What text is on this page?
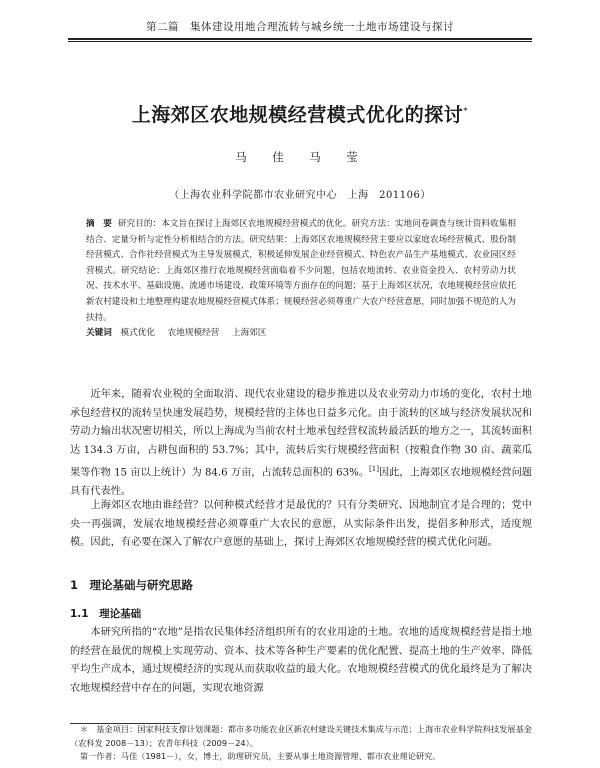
第二篇　集体建设用地合理流转与城乡统一土地市场建设与探讨
上海郊区农地规模经营模式优化的探讨*
马　佳　马　莹
（上海农业科学院都市农业研究中心　上海　201106）
摘　要 研究目的：本文旨在探讨上海郊区农地规模经营模式的优化。研究方法：实地问卷调查与统计资料收集相结合、定量分析与定性分析相结合的方法。研究结果：上海郊区农地规模经营主要应以家庭农场经营模式、股份制经营模式、合作社经营模式为主导发展模式，积极延伸发展企业经营模式、特色农产品生产基地模式、农业园区经营模式。研究结论：上海郊区推行农地规模经营面临着不少问题，包括农地流转、农业资金投入、农村劳动力状况、技术水平、基础设施、流通市场建设、政策环境等方面存在的问题；基于上海郊区状况，农地规模经营应依托新农村建设和土地整理构建农地规模经营模式体系；规模经营必须尊重广大农户经营意愿，同时加强不规范的人为扶持。
关键词 模式优化 农地规模经营 上海郊区

近年来，随着农业税的全面取消、现代农业建设的稳步推进以及农业劳动力市场的变化，农村土地承包经营权的流转呈快速发展趋势，规模经营的主体也日益多元化。由于流转的区域与经济发展状况和劳动力输出状况密切相关，所以上海成为当前农村土地承包经营权流转最活跃的地方之一，其流转面积达 134.3 万亩，占耕包面积的 53.7%；其中，流转后实行规模经营面积（按粮食作物 30 亩、蔬菜瓜果等作物 15 亩以上统计）为 84.6 万亩，占流转总面积的 63%。[1]因此，上海郊区农地规模经营问题具有代表性。

上海郊区农地由谁经营？以何种模式经营才是最优的？只有分类研究、因地制宜才是合理的；党中央一再强调，发展农地规模经营必须尊重广大农民的意愿，从实际条件出发，提倡多种形式，适度规模。因此，有必要在深入了解农户意愿的基础上，探讨上海郊区农地规模经营的模式优化问题。

1　理论基础与研究思路
1.1　理论基础

本研究所指的“农地”是指农民集体经济组织所有的农业用途的土地。农地的适度规模经营是指土地的经营在最优的规模上实现劳动、资本、技术等各种生产要素的优化配置、提高土地的生产效率、降低平均生产成本，通过规模经济的实现从而获取收益的最大化。农地规模经营模式的优化最终是为了解决农地规模经营中存在的问题，实现农地资源

＊　基金项目：国家科技支撑计划课题：都市多功能农业区新农村建设关键技术集成与示范；上海市农业科学院科技发展基金（农科发 2008－13）；农青年科技（2009－24）。

第一作者：马佳（1981－），女，博士，助理研究员，主要从事土地资源管理、都市农业理论研究。
